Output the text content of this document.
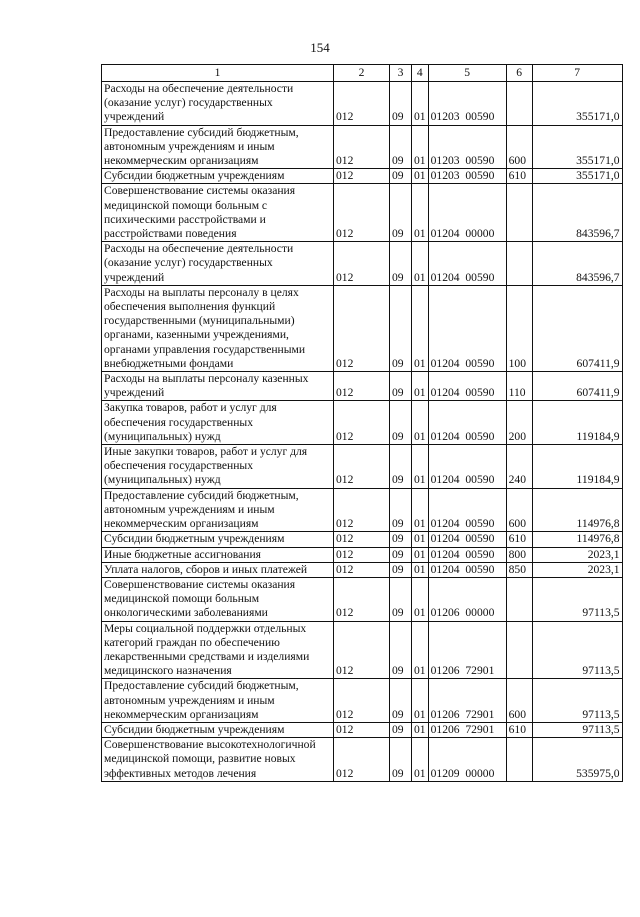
154
1	2	3	4	5	6	7
Расходы на обеспечение деятельности (оказание услуг) государственных учреждений	012	09	01	01203  00590		355171,0
Предоставление субсидий бюджетным, автономным учреждениям и иным некоммерческим организациям	012	09	01	01203  00590	600	355171,0
Субсидии бюджетным учреждениям	012	09	01	01203  00590	610	355171,0
Совершенствование системы оказания медицинской помощи больным с психическими расстройствами и расстройствами поведения	012	09	01	01204  00000		843596,7
Расходы на обеспечение деятельности (оказание услуг) государственных учреждений	012	09	01	01204  00590		843596,7
Расходы на выплаты персоналу в целях обеспечения выполнения функций государственными (муниципальными) органами, казенными учреждениями, органами управления государственными внебюджетными фондами	012	09	01	01204  00590	100	607411,9
Расходы на выплаты персоналу казенных учреждений	012	09	01	01204  00590	110	607411,9
Закупка товаров, работ и услуг для обеспечения государственных (муниципальных) нужд	012	09	01	01204  00590	200	119184,9
Иные закупки товаров, работ и услуг для обеспечения государственных (муниципальных) нужд	012	09	01	01204  00590	240	119184,9
Предоставление субсидий бюджетным, автономным учреждениям и иным некоммерческим организациям	012	09	01	01204  00590	600	114976,8
Субсидии бюджетным учреждениям	012	09	01	01204  00590	610	114976,8
Иные бюджетные ассигнования	012	09	01	01204  00590	800	2023,1
Уплата налогов, сборов и иных платежей	012	09	01	01204  00590	850	2023,1
Совершенствование системы оказания медицинской помощи больным онкологическими заболеваниями	012	09	01	01206  00000		97113,5
Меры социальной поддержки отдельных категорий граждан по обеспечению лекарственными средствами и изделиями медицинского назначения	012	09	01	01206  72901		97113,5
Предоставление субсидий бюджетным, автономным учреждениям и иным некоммерческим организациям	012	09	01	01206  72901	600	97113,5
Субсидии бюджетным учреждениям	012	09	01	01206  72901	610	97113,5
Совершенствование высокотехнологичной медицинской помощи, развитие новых эффективных методов лечения	012	09	01	01209  00000		535975,0
